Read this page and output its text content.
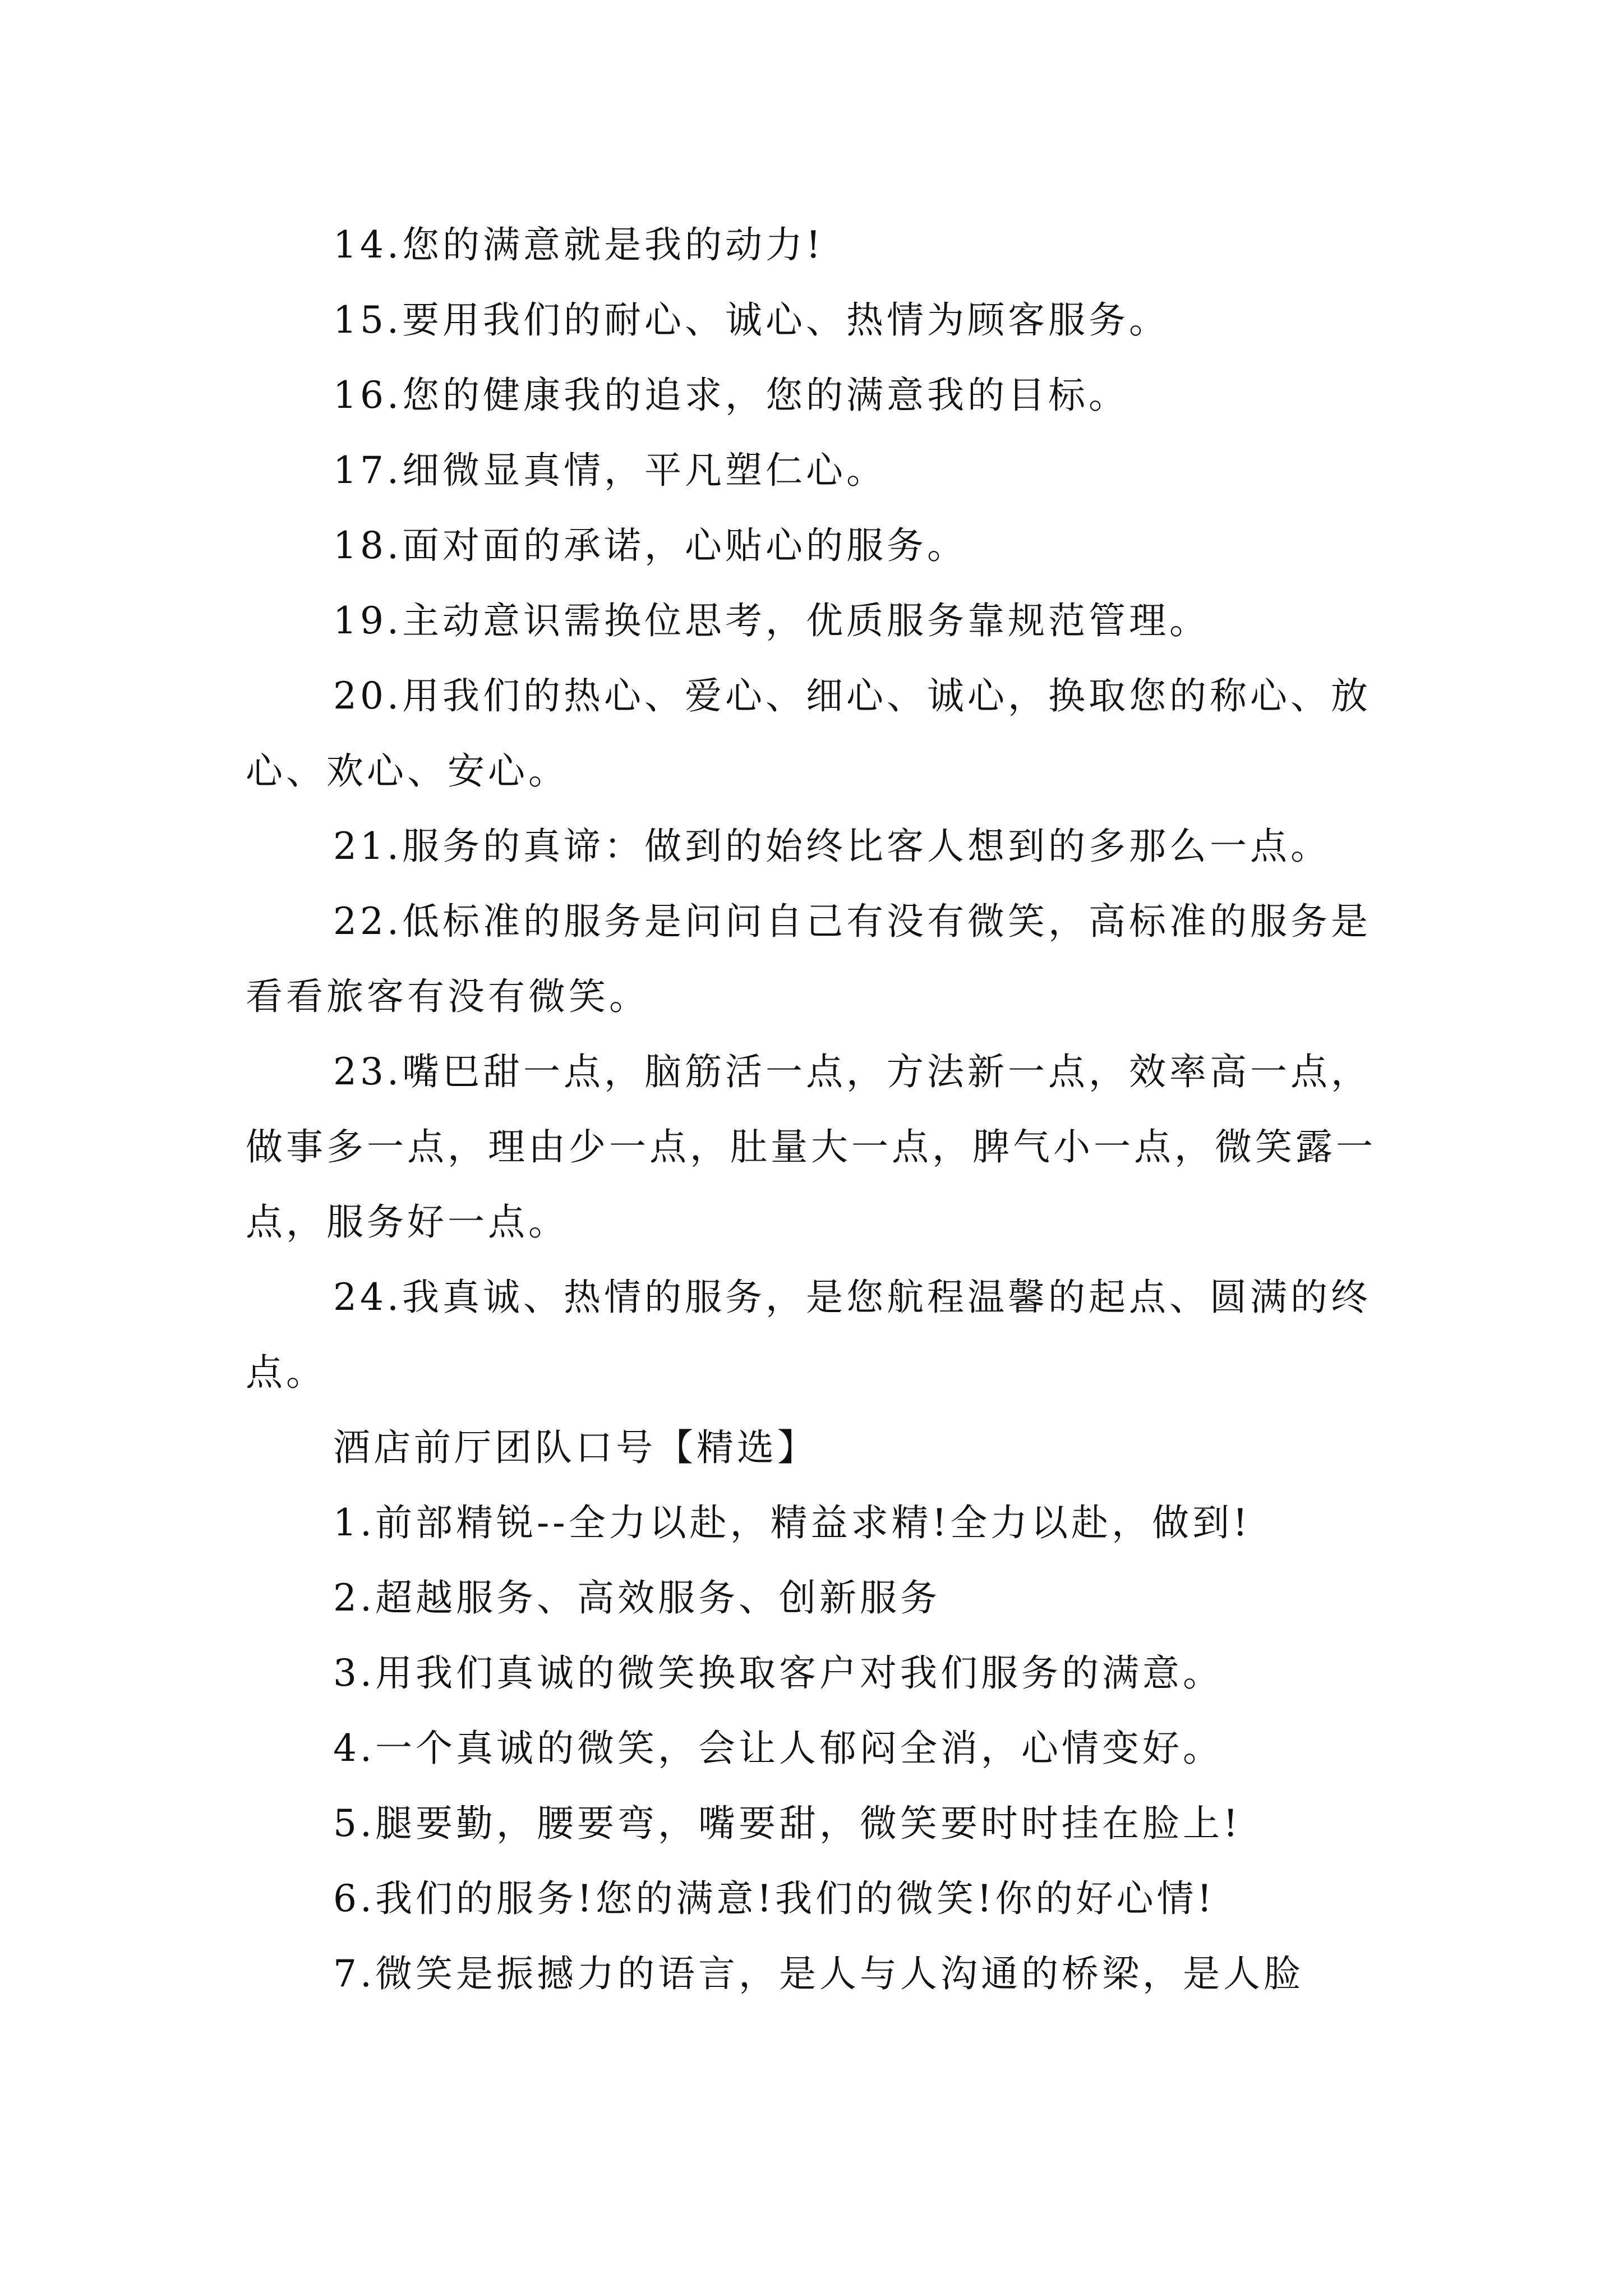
14.您的满意就是我的动力!

15.要用我们的耐心、诚心、热情为顾客服务。

16.您的健康我的追求，您的满意我的目标。

17.细微显真情，平凡塑仁心。

18.面对面的承诺，心贴心的服务。

19.主动意识需换位思考，优质服务靠规范管理。

20.用我们的热心、爱心、细心、诚心，换取您的称心、放心、欢心、安心。

21.服务的真谛：做到的始终比客人想到的多那么一点。

22.低标准的服务是问问自己有没有微笑，高标准的服务是看看旅客有没有微笑。

23.嘴巴甜一点，脑筋活一点，方法新一点，效率高一点，做事多一点，理由少一点，肚量大一点，脾气小一点，微笑露一点，服务好一点。

24.我真诚、热情的服务，是您航程温馨的起点、圆满的终点。

酒店前厅团队口号【精选】

1.前部精锐--全力以赴，精益求精!全力以赴，做到!

2.超越服务、高效服务、创新服务

3.用我们真诚的微笑换取客户对我们服务的满意。

4.一个真诚的微笑，会让人郁闷全消，心情变好。

5.腿要勤，腰要弯，嘴要甜，微笑要时时挂在脸上!

6.我们的服务!您的满意!我们的微笑!你的好心情!

7.微笑是振撼力的语言，是人与人沟通的桥梁，是人脸
